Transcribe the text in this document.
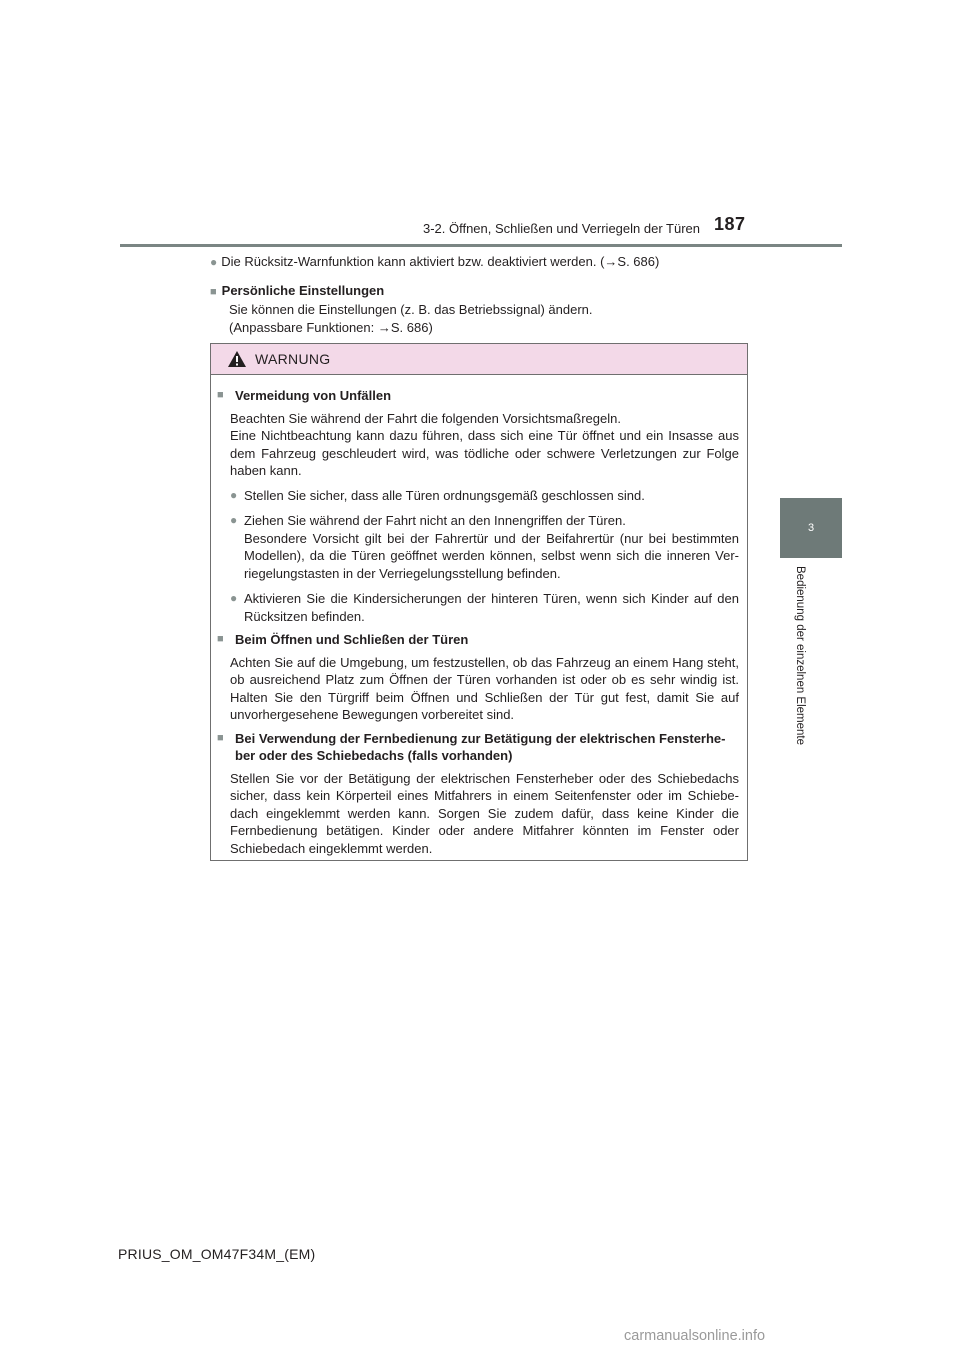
3-2. Öffnen, Schließen und Verriegeln der Türen 187
3
Bedienung der einzelnen Elemente

● Die Rücksitz-Warnfunktion kann aktiviert bzw. deaktiviert werden. (→S. 686)

■ Persönliche Einstellungen

Sie können die Einstellungen (z. B. das Betriebssignal) ändern.

(Anpassbare Funktionen: →S. 686)

WARNUNG
■ Vermeidung von Unfällen

Beachten Sie während der Fahrt die folgenden Vorsichtsmaßregeln.

Eine Nichtbeachtung kann dazu führen, dass sich eine Tür öffnet und ein Insasse aus dem Fahrzeug geschleudert wird, was tödliche oder schwere Verletzungen zur Folge haben kann.

● Stellen Sie sicher, dass alle Türen ordnungsgemäß geschlossen sind.
● Ziehen Sie während der Fahrt nicht an den Innengriffen der Türen.
Besondere Vorsicht gilt bei der Fahrertür und der Beifahrertür (nur bei bestimmten Modellen), da die Türen geöffnet werden können, selbst wenn sich die inneren Ver-riegelungstasten in der Verriegelungsstellung befinden.
● Aktivieren Sie die Kindersicherungen der hinteren Türen, wenn sich Kinder auf den Rücksitzen befinden.
■ Beim Öffnen und Schließen der Türen

Achten Sie auf die Umgebung, um festzustellen, ob das Fahrzeug an einem Hang steht, ob ausreichend Platz zum Öffnen der Türen vorhanden ist oder ob es sehr windig ist. Halten Sie den Türgriff beim Öffnen und Schließen der Tür gut fest, damit Sie auf unvorhergesehene Bewegungen vorbereitet sind.

■ Bei Verwendung der Fernbedienung zur Betätigung der elektrischen Fensterhe-ber oder des Schiebedachs (falls vorhanden)

Stellen Sie vor der Betätigung der elektrischen Fensterheber oder des Schiebedachs sicher, dass kein Körperteil eines Mitfahrers in einem Seitenfenster oder im Schiebe-dach eingeklemmt werden kann. Sorgen Sie zudem dafür, dass keine Kinder die Fernbedienung betätigen. Kinder oder andere Mitfahrer könnten im Fenster oder Schiebedach eingeklemmt werden.

PRIUS_OM_OM47F34M_(EM)
carmanualsonline.info
